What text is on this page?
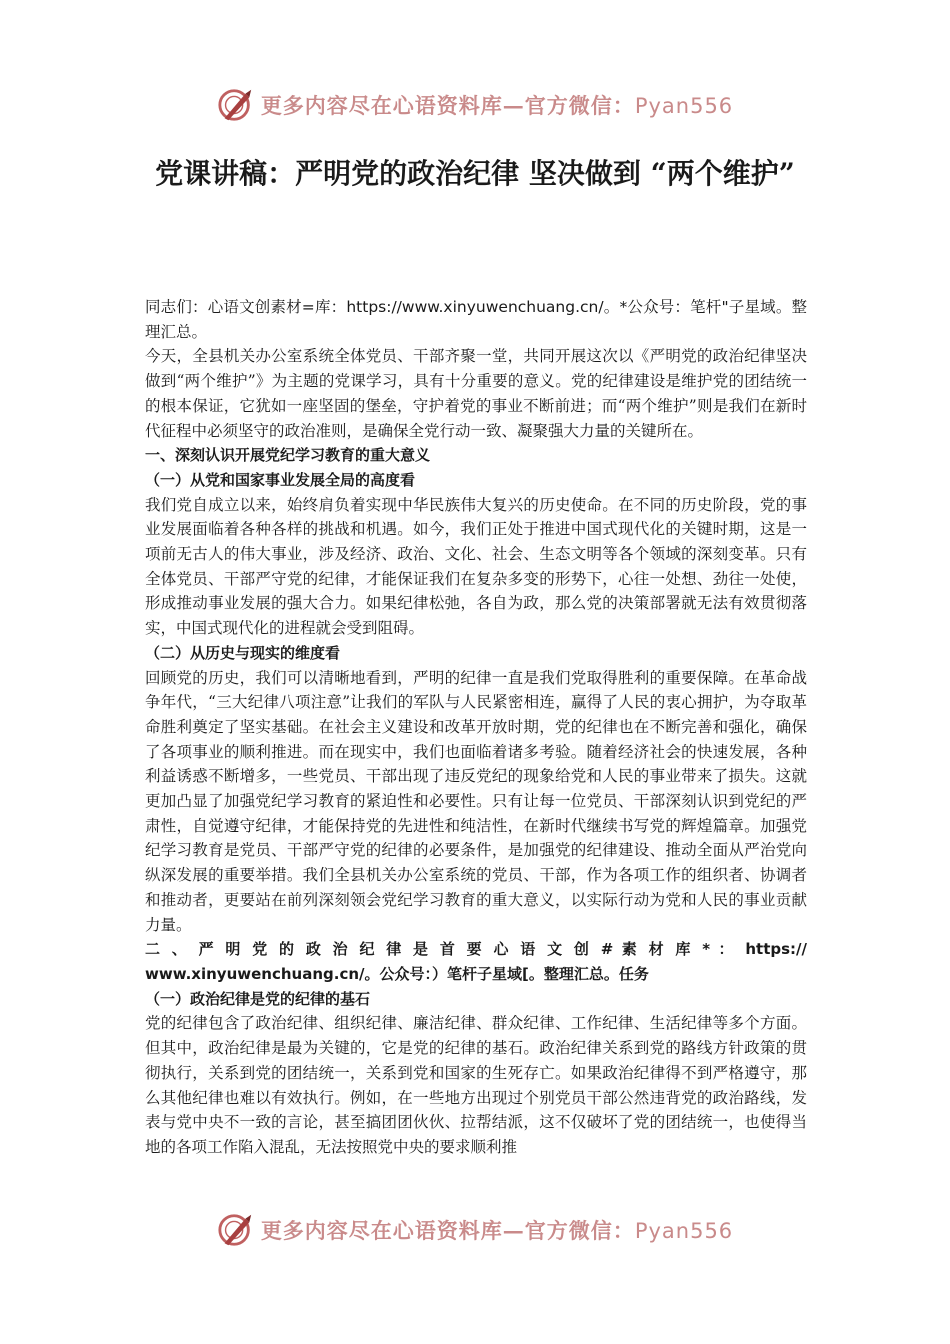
更多内容尽在心语资料库—官方微信：Pyan556
党课讲稿：严明党的政治纪律 坚决做到 “两个维护”

同志们：心语文创素材=库：https://www.xinyuwenchuang.cn/。*公众号：笔杆"子星域。整理汇总。

今天，全县机关办公室系统全体党员、干部齐聚一堂，共同开展这次以《严明党的政治纪律坚决做到“两个维护”》为主题的党课学习，具有十分重要的意义。党的纪律建设是维护党的团结统一的根本保证，它犹如一座坚固的堡垒，守护着党的事业不断前进；而“两个维护”则是我们在新时代征程中必须坚守的政治准则，是确保全党行动一致、凝聚强大力量的关键所在。

一、深刻认识开展党纪学习教育的重大意义

（一）从党和国家事业发展全局的高度看

我们党自成立以来，始终肩负着实现中华民族伟大复兴的历史使命。在不同的历史阶段，党的事业发展面临着各种各样的挑战和机遇。如今，我们正处于推进中国式现代化的关键时期，这是一项前无古人的伟大事业，涉及经济、政治、文化、社会、生态文明等各个领域的深刻变革。只有全体党员、干部严守党的纪律，才能保证我们在复杂多变的形势下，心往一处想、劲往一处使，形成推动事业发展的强大合力。如果纪律松弛，各自为政，那么党的决策部署就无法有效贯彻落实，中国式现代化的进程就会受到阻碍。

（二）从历史与现实的维度看

回顾党的历史，我们可以清晰地看到，严明的纪律一直是我们党取得胜利的重要保障。在革命战争年代，“三大纪律八项注意”让我们的军队与人民紧密相连，赢得了人民的衷心拥护，为夺取革命胜利奠定了坚实基础。在社会主义建设和改革开放时期，党的纪律也在不断完善和强化，确保了各项事业的顺利推进。而在现实中，我们也面临着诸多考验。随着经济社会的快速发展，各种利益诱惑不断增多，一些党员、干部出现了违反党纪的现象给党和人民的事业带来了损失。这就更加凸显了加强党纪学习教育的紧迫性和必要性。只有让每一位党员、干部深刻认识到党纪的严肃性，自觉遵守纪律，才能保持党的先进性和纯洁性，在新时代继续书写党的辉煌篇章。加强党纪学习教育是党员、干部严守党的纪律的必要条件，是加强党的纪律建设、推动全面从严治党向纵深发展的重要举措。我们全县机关办公室系统的党员、干部，作为各项工作的组织者、协调者和推动者，更要站在前列深刻领会党纪学习教育的重大意义，以实际行动为党和人民的事业贡献力量。

二 、 严 明 党 的 政 治 纪 律 是 首 要 心 语 文 创 # 素 材 库 * ： https://

www.xinyuwenchuang.cn/。公众号：）笔杆子星域[。整理汇总。任务

（一）政治纪律是党的纪律的基石

党的纪律包含了政治纪律、组织纪律、廉洁纪律、群众纪律、工作纪律、生活纪律等多个方面。但其中，政治纪律是最为关键的，它是党的纪律的基石。政治纪律关系到党的路线方针政策的贯彻执行，关系到党的团结统一，关系到党和国家的生死存亡。如果政治纪律得不到严格遵守，那么其他纪律也难以有效执行。例如，在一些地方出现过个别党员干部公然违背党的政治路线，发表与党中央不一致的言论，甚至搞团团伙伙、拉帮结派，这不仅破坏了党的团结统一，也使得当地的各项工作陷入混乱，无法按照党中央的要求顺利推

更多内容尽在心语资料库—官方微信：Pyan556
